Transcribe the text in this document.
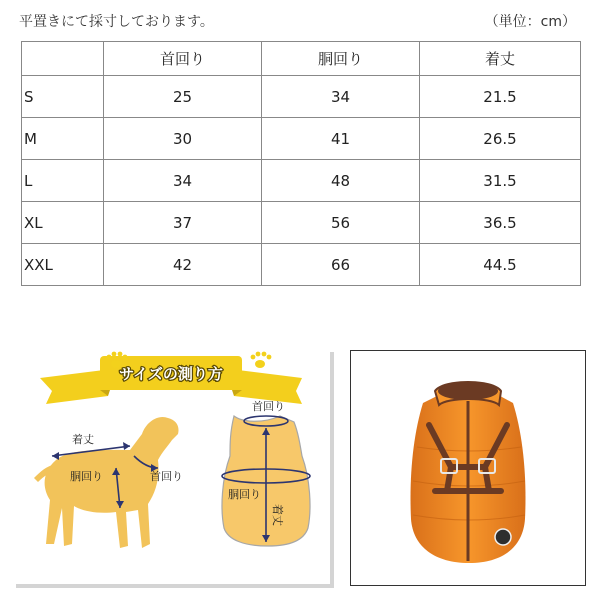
平置きにて採寸しております。	（単位：cm）
	首回り	胴回り	着丈
S	25	34	21.5
M	30	41	26.5
L	34	48	31.5
XL	37	56	36.5
XXL	42	66	44.5
サイズの測り方
着丈
胴回り	首回り
首回り
胴回り
着丈
